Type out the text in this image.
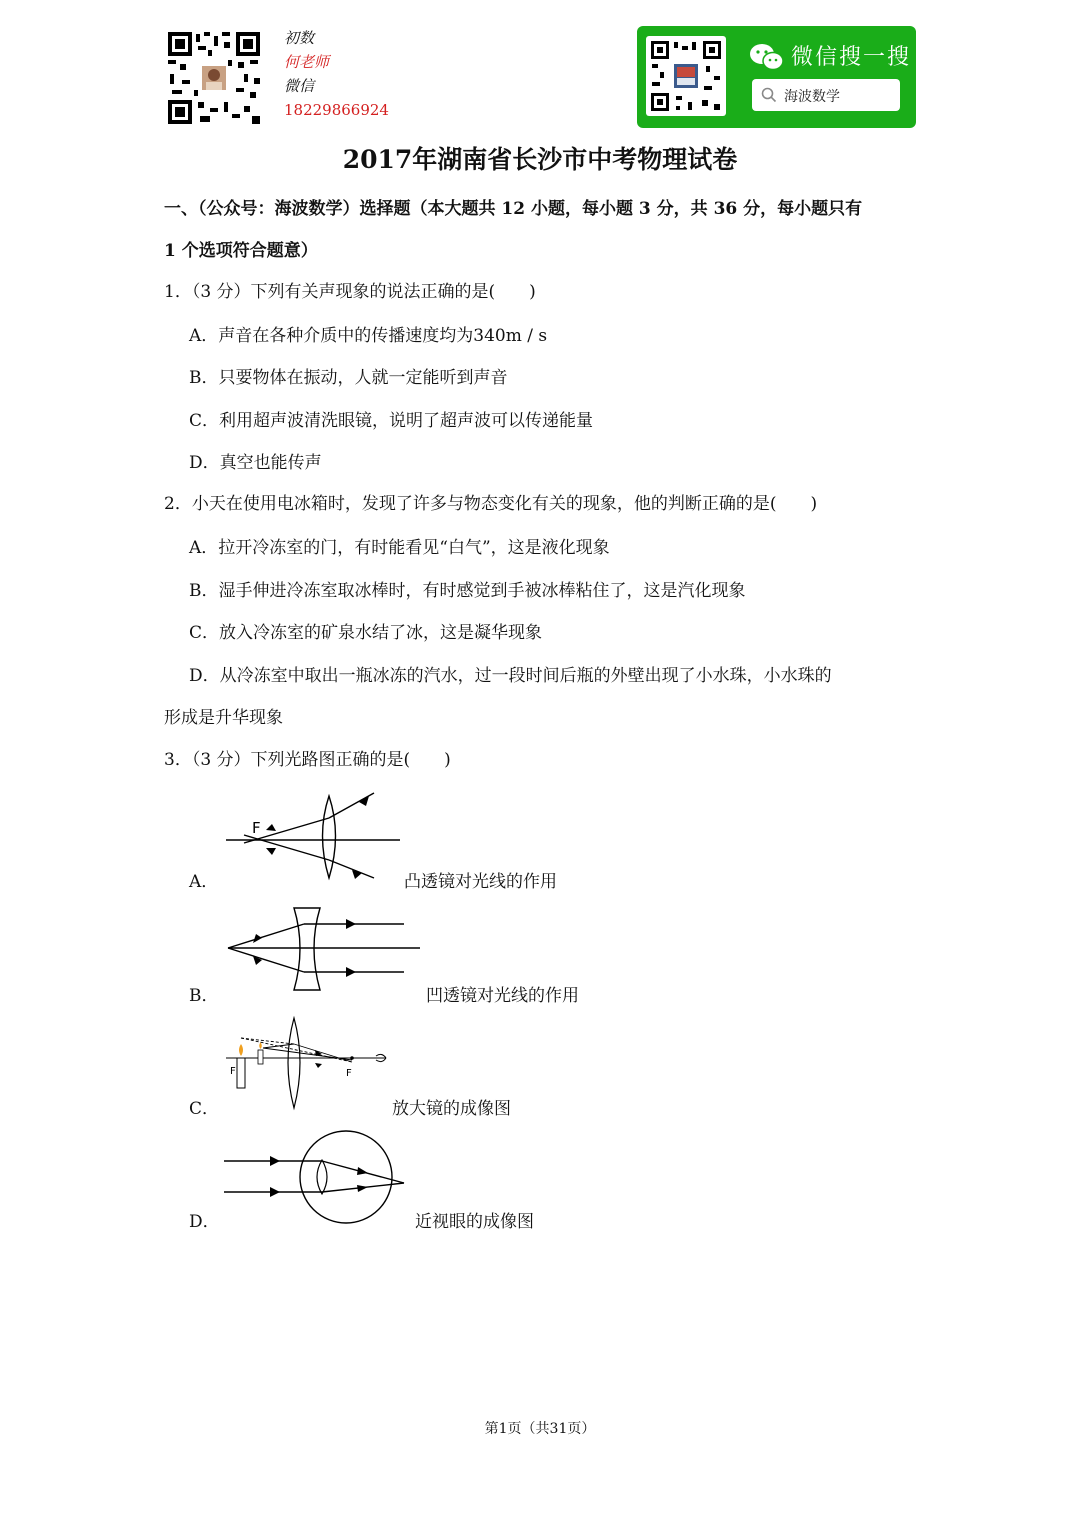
初数
何老师
微信
18229866924
微信搜一搜
海波数学
2017年湖南省长沙市中考物理试卷
一、（公众号：海波数学）选择题（本大题共 12 小题，每小题 3 分，共 36 分，每小题只有
1 个选项符合题意）
1．（3 分）下列有关声现象的说法正确的是(　　)
A．声音在各种介质中的传播速度均为340m / s
B．只要物体在振动，人就一定能听到声音
C．利用超声波清洗眼镜，说明了超声波可以传递能量
D．真空也能传声
2．小天在使用电冰箱时，发现了许多与物态变化有关的现象，他的判断正确的是(　　)
A．拉开冷冻室的门，有时能看见“白气”，这是液化现象
B．湿手伸进冷冻室取冰棒时，有时感觉到手被冰棒粘住了，这是汽化现象
C．放入冷冻室的矿泉水结了冰，这是凝华现象
D．从冷冻室中取出一瓶冰冻的汽水，过一段时间后瓶的外壁出现了小水珠，小水珠的
形成是升华现象
3．（3 分）下列光路图正确的是(　　)
A．
F
凸透镜对光线的作用
B．	凹透镜对光线的作用
C．
F	F
放大镜的成像图
D．	近视眼的成像图
第1页（共31页）
